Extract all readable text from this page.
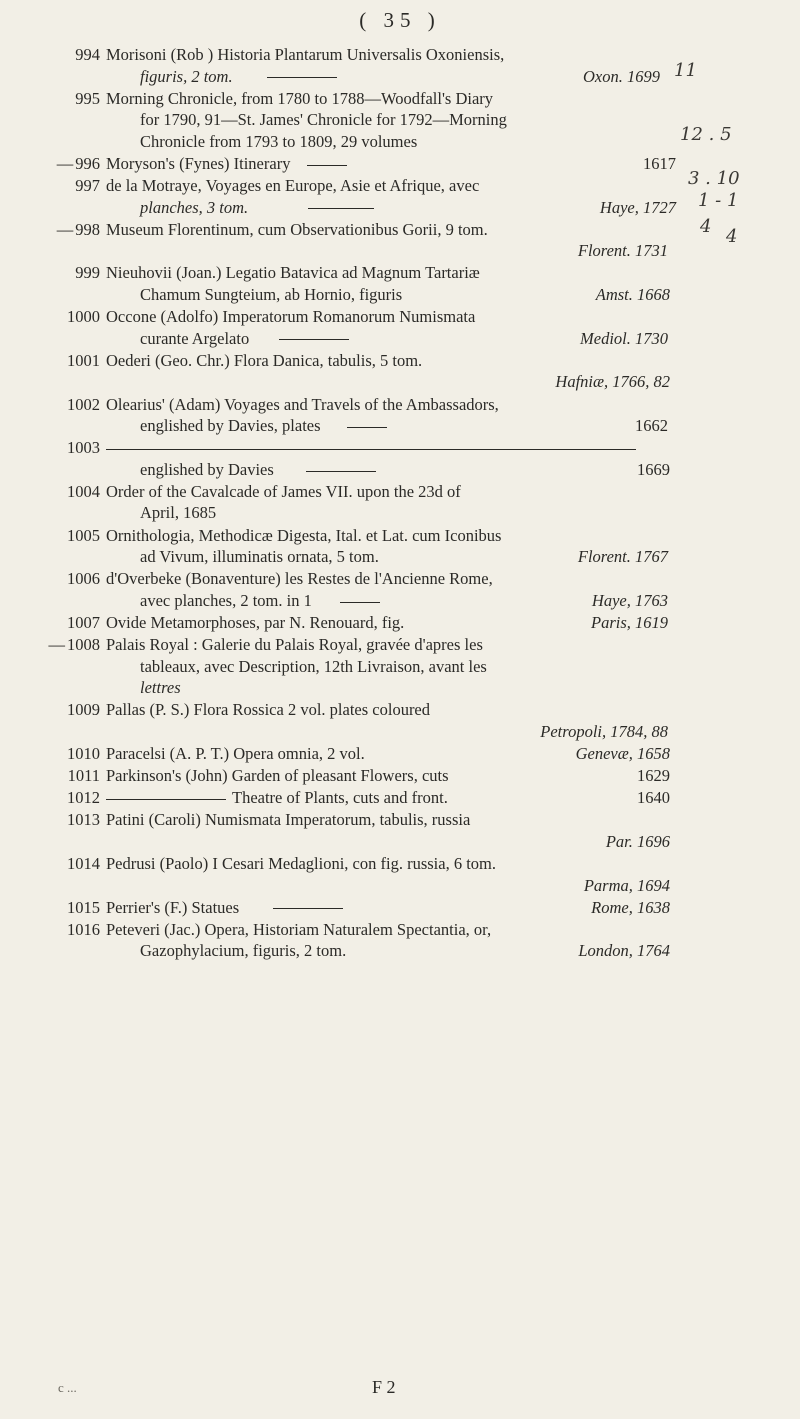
( 35 )
994 Morisoni (Rob ) Historia Plantarum Universalis Oxoniensis,
figuris, 2 tom.	Oxon. 1699
995 Morning Chronicle, from 1780 to 1788—Woodfall's Diary
for 1790, 91—St. James' Chronicle for 1792—Morning
Chronicle from 1793 to 1809, 29 volumes
— 996 Moryson's (Fynes) Itinerary	1617
997 de la Motraye, Voyages en Europe, Asie et Afrique, avec
planches, 3 tom.	Haye, 1727
— 998 Museum Florentinum, cum Observationibus Gorii, 9 tom.
Florent. 1731
999 Nieuhovii (Joan.) Legatio Batavica ad Magnum Tartariæ
Chamum Sungteium, ab Hornio, figuris	Amst. 1668
1000 Occone (Adolfo) Imperatorum Romanorum Numismata
curante Argelato	Mediol. 1730
1001 Oederi (Geo. Chr.) Flora Danica, tabulis, 5 tom.
Hafniæ, 1766, 82
1002 Olearius' (Adam) Voyages and Travels of the Ambassadors,
englished by Davies, plates	1662
1003
englished by Davies	1669
1004 Order of the Cavalcade of James VII. upon the 23d of
April, 1685
1005 Ornithologia, Methodicæ Digesta, Ital. et Lat. cum Iconibus
ad Vivum, illuminatis ornata, 5 tom.	Florent. 1767
1006 d'Overbeke (Bonaventure) les Restes de l'Ancienne Rome,
avec planches, 2 tom. in 1	Haye, 1763
1007 Ovide Metamorphoses, par N. Renouard, fig.	Paris, 1619
— 1008 Palais Royal : Galerie du Palais Royal, gravée d'apres les
tableaux, avec Description, 12th Livraison, avant les
lettres
1009 Pallas (P. S.) Flora Rossica 2 vol. plates coloured
Petropoli, 1784, 88
1010 Paracelsi (A. P. T.) Opera omnia, 2 vol.	Genevæ, 1658
1011 Parkinson's (John) Garden of pleasant Flowers, cuts	1629
1012	Theatre of Plants, cuts and front.	1640
1013 Patini (Caroli) Numismata Imperatorum, tabulis, russia
Par. 1696
1014 Pedrusi (Paolo) I Cesari Medaglioni, con fig. russia, 6 tom.
Parma, 1694
1015 Perrier's (F.) Statues	Rome, 1638
1016 Peteveri (Jac.) Opera, Historiam Naturalem Spectantia, or,
Gazophylacium, figuris, 2 tom.	London, 1764
11
12 . 5
3 . 10
1 - 1
4 4
c ...	F 2
